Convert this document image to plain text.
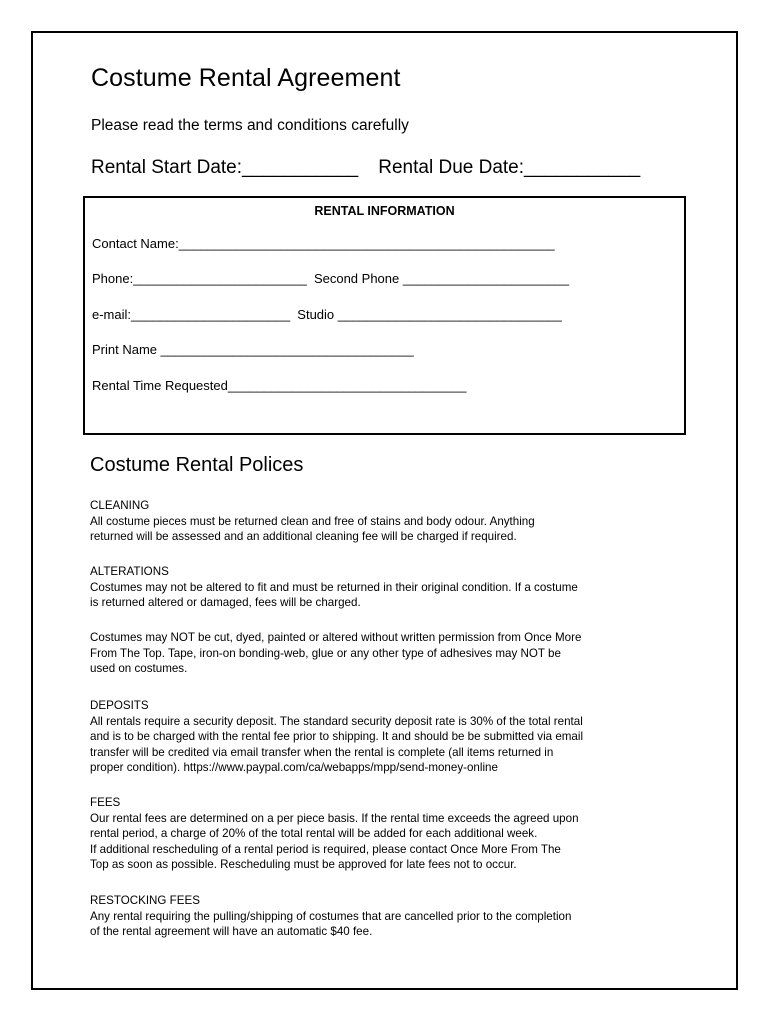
Costume Rental Agreement
Please read the terms and conditions carefully
Rental Start Date:___________ Rental Due Date:___________
RENTAL INFORMATION
Contact Name:____________________________________________________
Phone:________________________  Second Phone _______________________
e-mail:______________________  Studio _______________________________
Print Name ___________________________________
Rental Time Requested_________________________________
Costume Rental Polices

CLEANING

All costume pieces must be returned clean and free of stains and body odour. Anything

returned will be assessed and an additional cleaning fee will be charged if required.

ALTERATIONS

Costumes may not be altered to fit and must be returned in their original condition. If a costume

is returned altered or damaged, fees will be charged.

Costumes may NOT be cut, dyed, painted or altered without written permission from Once More

From The Top. Tape, iron-on bonding-web, glue or any other type of adhesives may NOT be

used on costumes.

DEPOSITS

All rentals require a security deposit. The standard security deposit rate is 30% of the total rental

and is to be charged with the rental fee prior to shipping. It and should be be submitted via email

transfer will be credited via email transfer when the rental is complete (all items returned in

proper condition). https://www.paypal.com/ca/webapps/mpp/send-money-online

FEES

Our rental fees are determined on a per piece basis. If the rental time exceeds the agreed upon

rental period, a charge of 20% of the total rental will be added for each additional week.

If additional rescheduling of a rental period is required, please contact Once More From The

Top as soon as possible. Rescheduling must be approved for late fees not to occur.

RESTOCKING FEES

Any rental requiring the pulling/shipping of costumes that are cancelled prior to the completion

of the rental agreement will have an automatic $40 fee.
